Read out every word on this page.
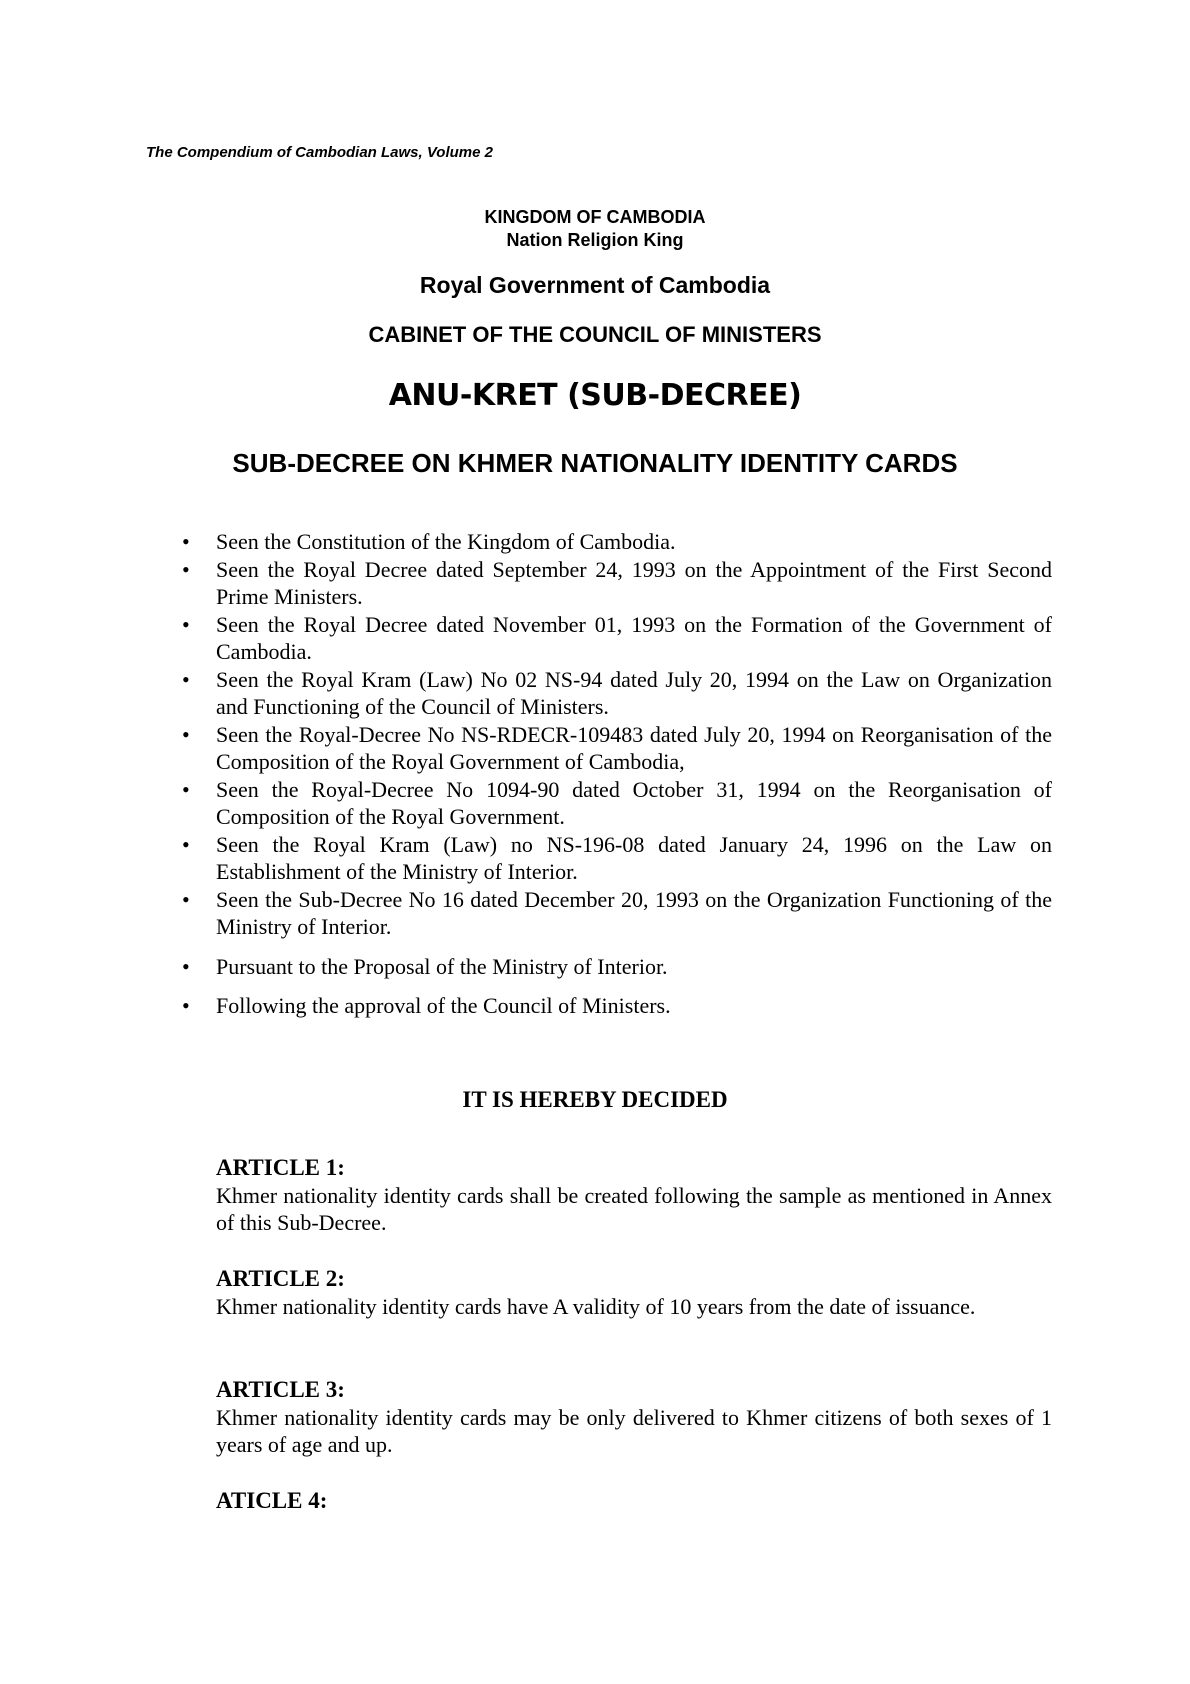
The Compendium of Cambodian Laws, Volume 2
KINGDOM OF CAMBODIA
Nation Religion King
Royal Government of Cambodia
CABINET OF THE COUNCIL OF MINISTERS
ANU-KRET (SUB-DECREE)
SUB-DECREE ON KHMER NATIONALITY IDENTITY CARDS
• Seen the Constitution of the Kingdom of Cambodia.
• Seen the Royal Decree dated September 24, 1993 on the Appointment of the First Second Prime Ministers.
• Seen the Royal Decree dated November 01, 1993 on the Formation of the Government of Cambodia.
• Seen the Royal Kram (Law) No 02 NS-94 dated July 20, 1994 on the Law on Organization and Functioning of the Council of Ministers.
• Seen the Royal-Decree No NS-RDECR-109483 dated July 20, 1994 on Reorganisation of the Composition of the Royal Government of Cambodia,
• Seen the Royal-Decree No 1094-90 dated October 31, 1994 on the Reorganisation of Composition of the Royal Government.
• Seen the Royal Kram (Law) no NS-196-08 dated January 24, 1996 on the Law on Establishment of the Ministry of Interior.
• Seen the Sub-Decree No 16 dated December 20, 1993 on the Organization Functioning of the Ministry of Interior.
• Pursuant to the Proposal of the Ministry of Interior.
• Following the approval of the Council of Ministers.
IT IS HEREBY DECIDED
ARTICLE 1:
Khmer nationality identity cards shall be created following the sample as mentioned in Annex of this Sub-Decree.
ARTICLE 2:
Khmer nationality identity cards have A validity of 10 years from the date of issuance.
ARTICLE 3:
Khmer nationality identity cards may be only delivered to Khmer citizens of both sexes of 1 years of age and up.
ATICLE 4:
